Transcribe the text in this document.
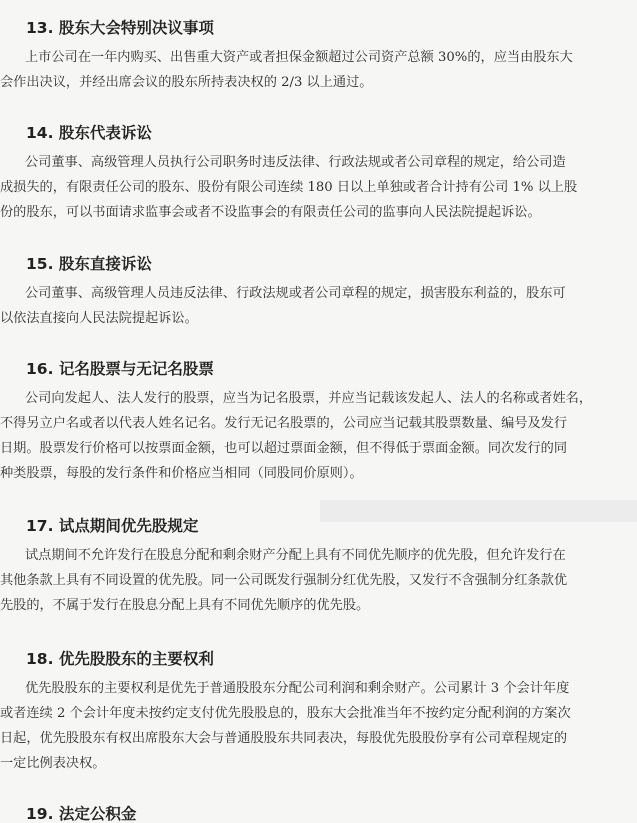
13. 股东大会特别决议事项
上市公司在一年内购买、出售重大资产或者担保金额超过公司资产总额 30%的，应当由股东大
会作出决议，并经出席会议的股东所持表决权的 2/3 以上通过。
14. 股东代表诉讼
公司董事、高级管理人员执行公司职务时违反法律、行政法规或者公司章程的规定，给公司造
成损失的，有限责任公司的股东、股份有限公司连续 180 日以上单独或者合计持有公司 1% 以上股
份的股东，可以书面请求监事会或者不设监事会的有限责任公司的监事向人民法院提起诉讼。
15. 股东直接诉讼
公司董事、高级管理人员违反法律、行政法规或者公司章程的规定，损害股东利益的，股东可
以依法直接向人民法院提起诉讼。
16. 记名股票与无记名股票
公司向发起人、法人发行的股票，应当为记名股票，并应当记载该发起人、法人的名称或者姓名，
不得另立户名或者以代表人姓名记名。发行无记名股票的，公司应当记载其股票数量、编号及发行
日期。股票发行价格可以按票面金额，也可以超过票面金额，但不得低于票面金额。同次发行的同
种类股票，每股的发行条件和价格应当相同（同股同价原则）。
17. 试点期间优先股规定
试点期间不允许发行在股息分配和剩余财产分配上具有不同优先顺序的优先股，但允许发行在
其他条款上具有不同设置的优先股。同一公司既发行强制分红优先股，又发行不含强制分红条款优
先股的，不属于发行在股息分配上具有不同优先顺序的优先股。
18. 优先股股东的主要权利
优先股股东的主要权利是优先于普通股股东分配公司利润和剩余财产。公司累计 3 个会计年度
或者连续 2 个会计年度未按约定支付优先股股息的，股东大会批准当年不按约定分配利润的方案次
日起，优先股股东有权出席股东大会与普通股股东共同表决，每股优先股股份享有公司章程规定的
一定比例表决权。
19. 法定公积金
